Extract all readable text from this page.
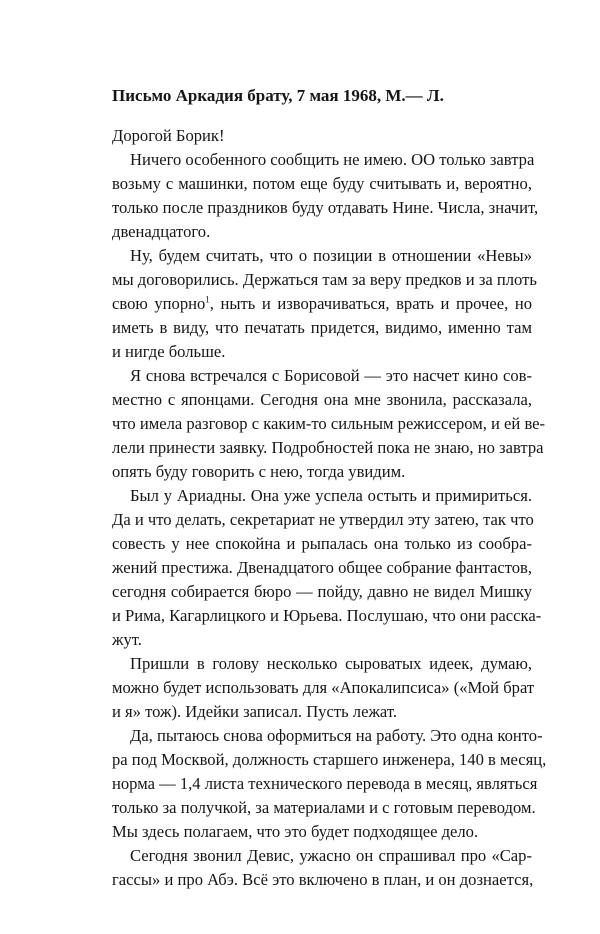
Письмо Аркадия брату, 7 мая 1968, М.— Л.
Дорогой Борик!
Ничего особенного сообщить не имею. ОО только завтра
возьму с машинки, потом еще буду считывать и, вероятно,
только после праздников буду отдавать Нине. Числа, значит,
двенадцатого.
Ну, будем считать, что о позиции в отношении «Невы»
мы договорились. Держаться там за веру предков и за плоть
свою упорно$^1$, ныть и изворачиваться, врать и прочее, но
иметь в виду, что печатать придется, видимо, именно там
и нигде больше.
Я снова встречался с Борисовой — это насчет кино сов-
местно с японцами. Сегодня она мне звонила, рассказала,
что имела разговор с каким-то сильным режиссером, и ей ве-
лели принести заявку. Подробностей пока не знаю, но завтра
опять буду говорить с нею, тогда увидим.
Был у Ариадны. Она уже успела остыть и примириться.
Да и что делать, секретариат не утвердил эту затею, так что
совесть у нее спокойна и рыпалась она только из сообра-
жений престижа. Двенадцатого общее собрание фантастов,
сегодня собирается бюро — пойду, давно не видел Мишку
и Рима, Кагарлицкого и Юрьева. Послушаю, что они расска-
жут.
Пришли в голову несколько сыроватых идеек, думаю,
можно будет использовать для «Апокалипсиса» («Мой брат
и я» тож). Идейки записал. Пусть лежат.
Да, пытаюсь снова оформиться на работу. Это одна конто-
ра под Москвой, должность старшего инженера, 140 в месяц,
норма — 1,4 листа технического перевода в месяц, являться
только за получкой, за материалами и с готовым переводом.
Мы здесь полагаем, что это будет подходящее дело.
Сегодня звонил Девис, ужасно он спрашивал про «Сар-
гассы» и про Абэ. Всё это включено в план, и он дознается,
